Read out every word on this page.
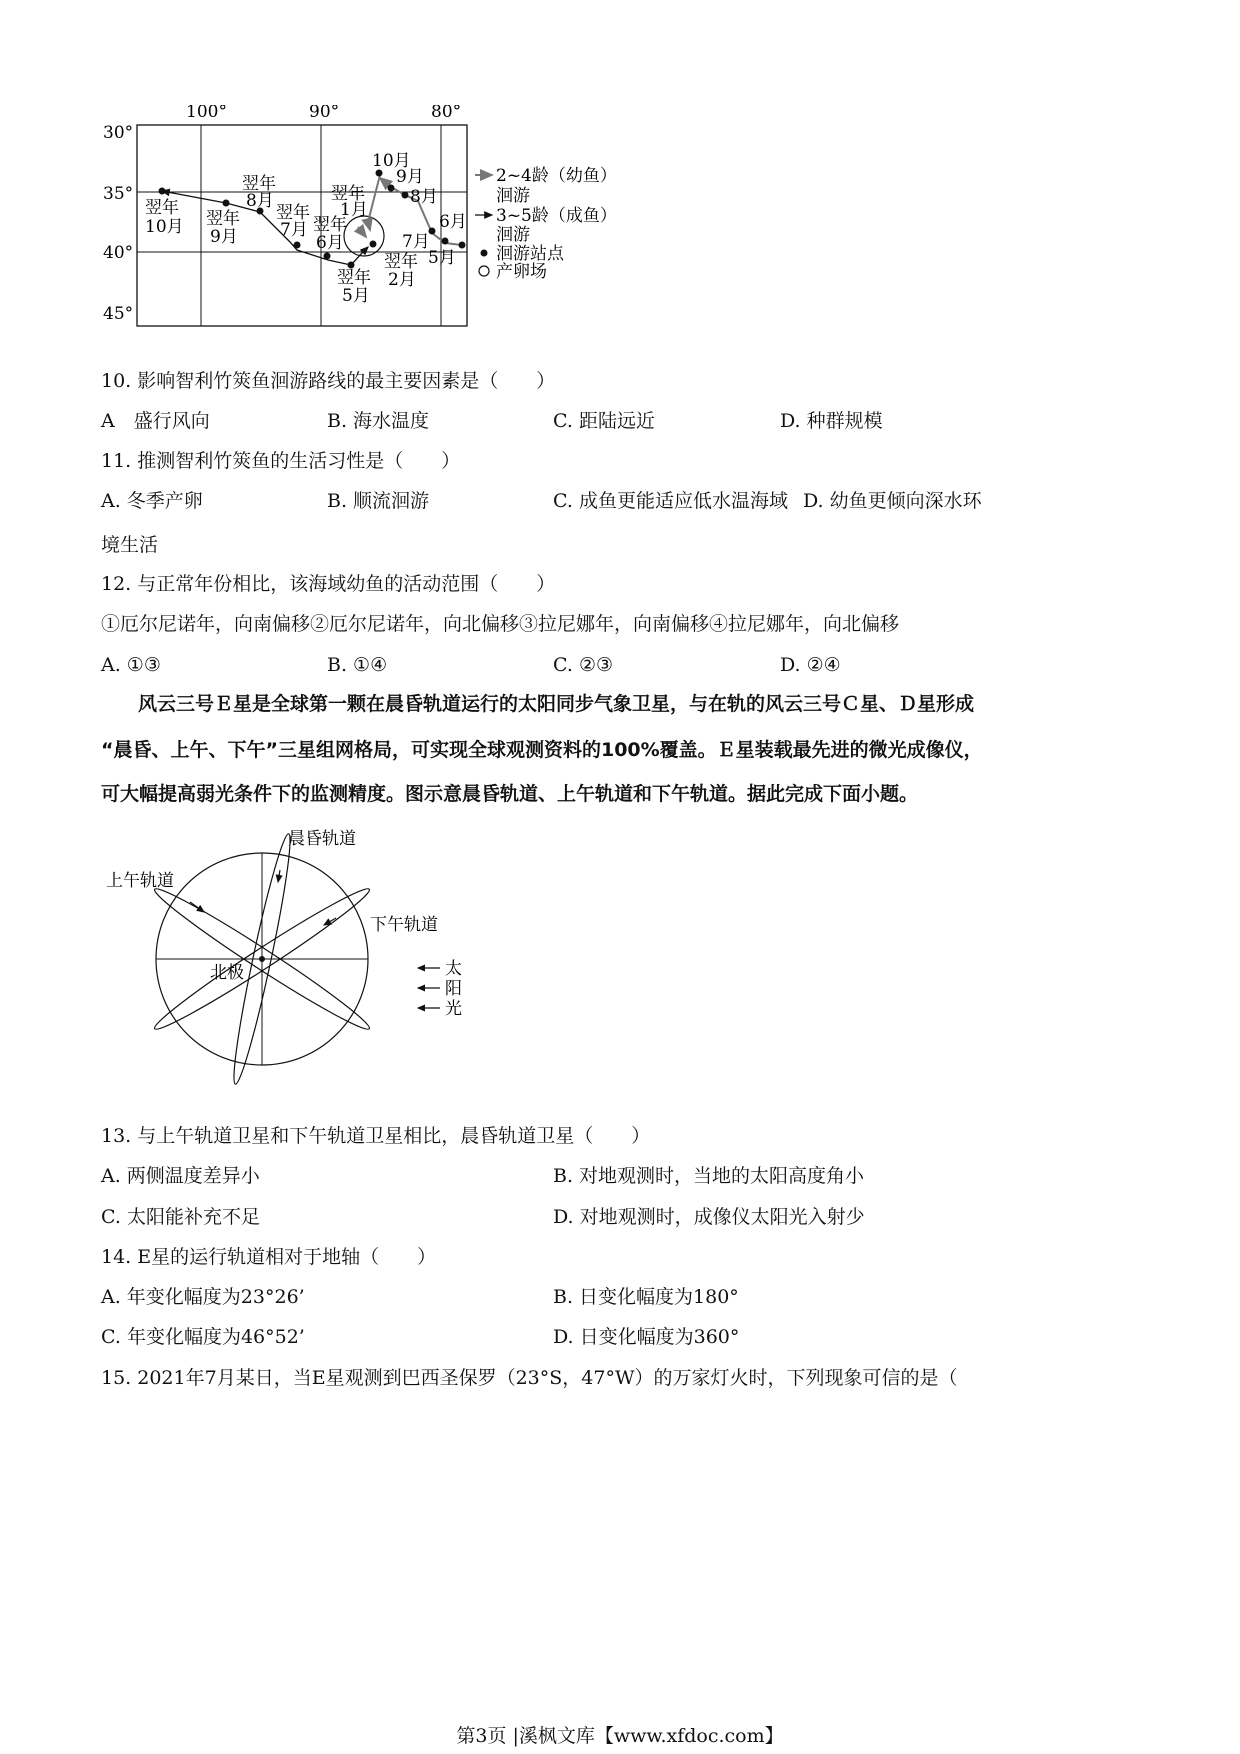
100°	90°	80°
30°
35°
40°
45°
10月
9月
8月
6月
7月
5月
翌年
1月
翌年
2月
翌年
5月
翌年
6月
翌年
7月
翌年
8月
翌年
9月
翌年
10月
2~4龄（幼鱼）
洄游
3~5龄（成鱼）
洄游
洄游站点
产卵场
10. 影响智利竹筴鱼洄游路线的最主要因素是（　　）
A　盛行风向	B. 海水温度	C. 距陆远近	D. 种群规模
11. 推测智利竹筴鱼的生活习性是（　　）
A. 冬季产卵	B. 顺流洄游	C. 成鱼更能适应低水温海域 D. 幼鱼更倾向深水环
境生活
12. 与正常年份相比，该海域幼鱼的活动范围（　　）
①厄尔尼诺年，向南偏移②厄尔尼诺年，向北偏移③拉尼娜年，向南偏移④拉尼娜年，向北偏移
A. ①③	B. ①④	C. ②③	D. ②④
风云三号Ｅ星是全球第一颗在晨昏轨道运行的太阳同步气象卫星，与在轨的风云三号Ｃ星、Ｄ星形成
“晨昏、上午、下午”三星组网格局，可实现全球观测资料的100%覆盖。Ｅ星装载最先进的微光成像仪，
可大幅提高弱光条件下的监测精度。图示意晨昏轨道、上午轨道和下午轨道。据此完成下面小题。
北极
晨昏轨道
上午轨道
下午轨道
太
阳
光
13. 与上午轨道卫星和下午轨道卫星相比，晨昏轨道卫星（　　）
A. 两侧温度差异小	B. 对地观测时，当地的太阳高度角小
C. 太阳能补充不足	D. 对地观测时，成像仪太阳光入射少
14. E星的运行轨道相对于地轴（　　）
A. 年变化幅度为23°26’	B. 日变化幅度为180°
C. 年变化幅度为46°52’	D. 日变化幅度为360°
15. 2021年7月某日，当E星观测到巴西圣保罗（23°S，47°W）的万家灯火时，下列现象可信的是（
第3页 |溪枫文库【www.xfdoc.com】
